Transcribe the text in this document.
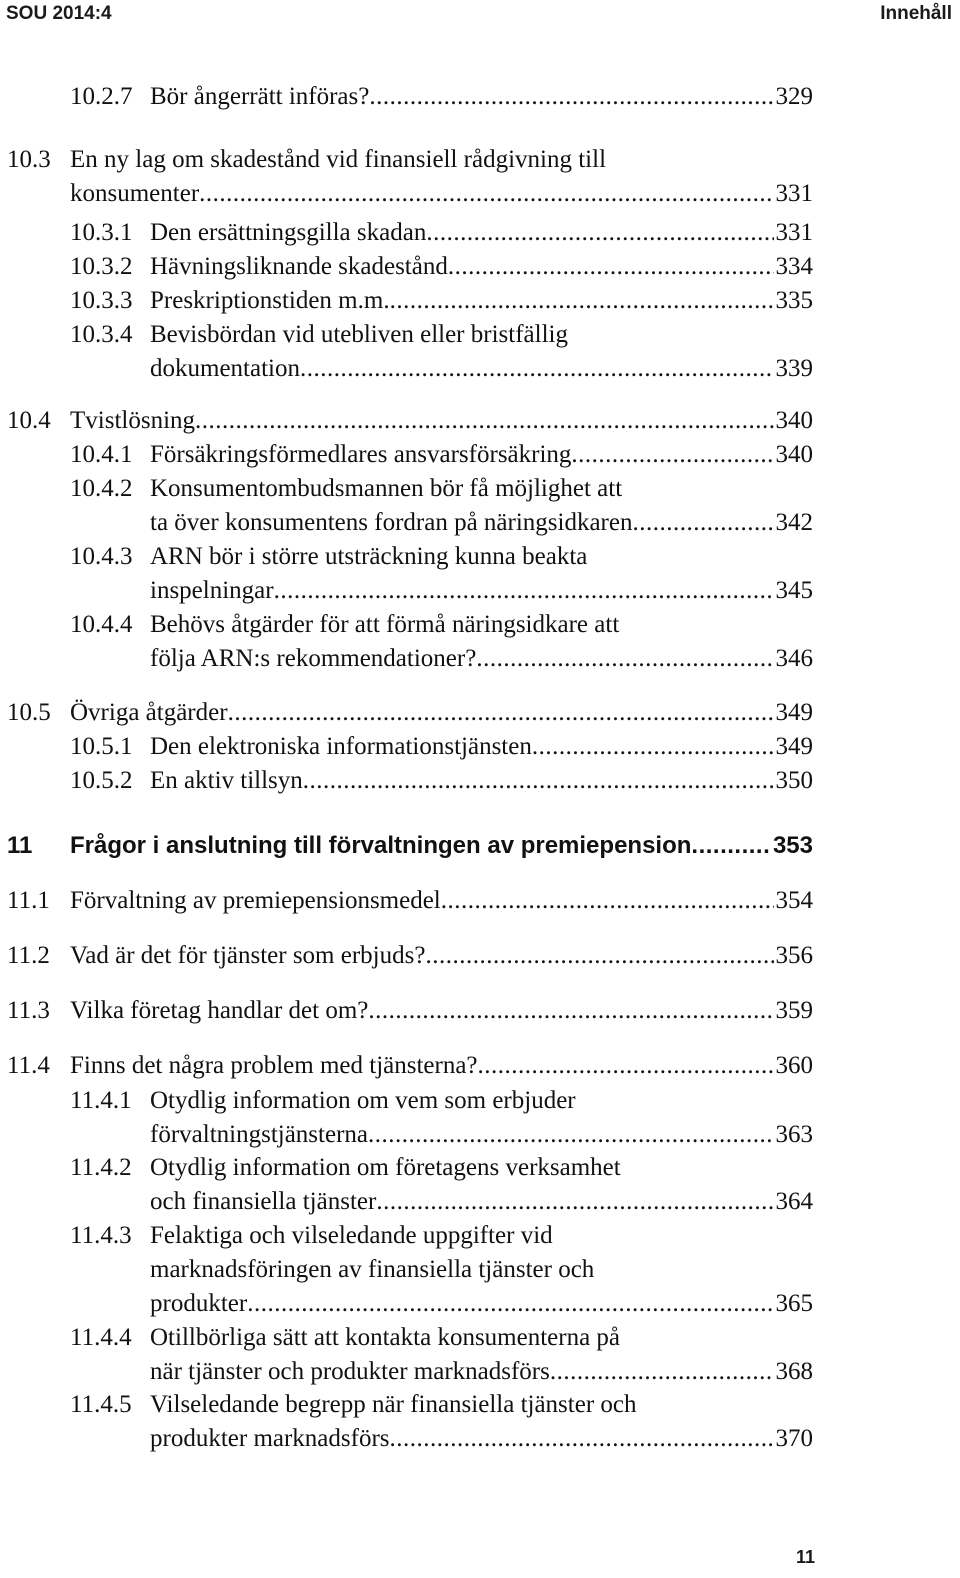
SOU 2014:4	Innehåll
10.2.7 Bör ångerrätt införas? .....	329
10.3 En ny lag om skadestånd vid finansiell rådgivning till
konsumenter .....	331
10.3.1 Den ersättningsgilla skadan .....	331
10.3.2 Hävningsliknande skadestånd .....	334
10.3.3 Preskriptionstiden m.m. .....	335
10.3.4 Bevisbördan vid utebliven eller bristfällig
dokumentation .....	339
10.4 Tvistlösning .....	340
10.4.1 Försäkringsförmedlares ansvarsförsäkring .....	340
10.4.2 Konsumentombudsmannen bör få möjlighet att
ta över konsumentens fordran på näringsidkaren .....	342
10.4.3 ARN bör i större utsträckning kunna beakta
inspelningar .....	345
10.4.4 Behövs åtgärder för att förmå näringsidkare att
följa ARN:s rekommendationer? .....	346
10.5 Övriga åtgärder .....	349
10.5.1 Den elektroniska informationstjänsten .....	349
10.5.2 En aktiv tillsyn .....	350
11 Frågor i anslutning till förvaltningen av premiepension .....	353
11.1 Förvaltning av premiepensionsmedel .....	354
11.2 Vad är det för tjänster som erbjuds? .....	356
11.3 Vilka företag handlar det om? .....	359
11.4 Finns det några problem med tjänsterna? .....	360
11.4.1 Otydlig information om vem som erbjuder
förvaltningstjänsterna .....	363
11.4.2 Otydlig information om företagens verksamhet
och finansiella tjänster .....	364
11.4.3 Felaktiga och vilseledande uppgifter vid
marknadsföringen av finansiella tjänster och
produkter .....	365
11.4.4 Otillbörliga sätt att kontakta konsumenterna på
när tjänster och produkter marknadsförs .....	368
11.4.5 Vilseledande begrepp när finansiella tjänster och
produkter marknadsförs .....	370
11
